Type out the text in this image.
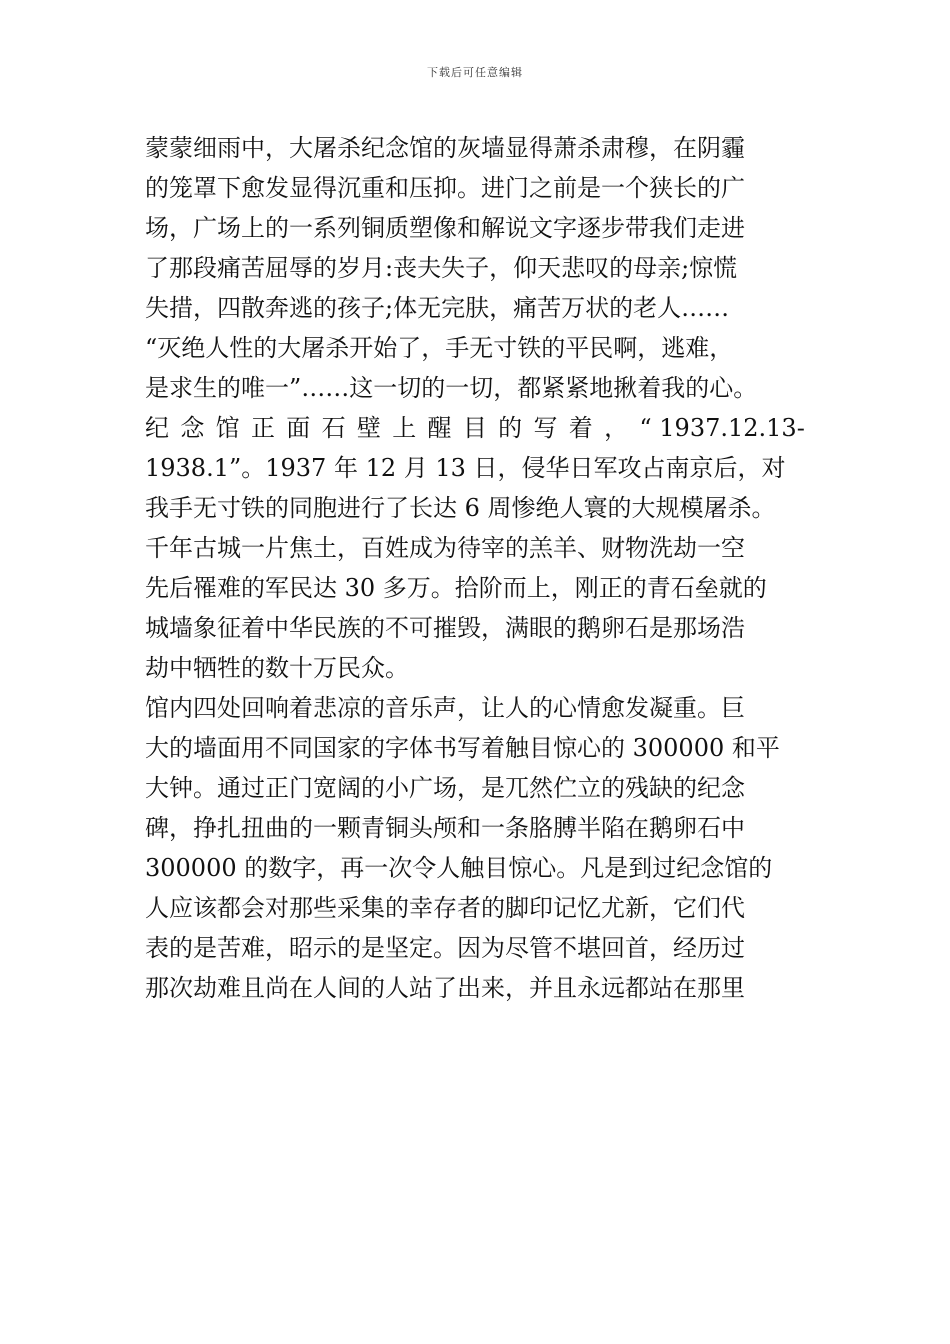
下载后可任意编辑
蒙蒙细雨中，大屠杀纪念馆的灰墙显得萧杀肃穆，在阴霾
的笼罩下愈发显得沉重和压抑。进门之前是一个狭长的广
场，广场上的一系列铜质塑像和解说文字逐步带我们走进
了那段痛苦屈辱的岁月:丧夫失子，仰天悲叹的母亲;惊慌
失措，四散奔逃的孩子;体无完肤，痛苦万状的老人……
“灭绝人性的大屠杀开始了，手无寸铁的平民啊，逃难，
是求生的唯一”……这一切的一切，都紧紧地揪着我的心。
纪 念 馆 正 面 石 壁 上 醒 目 的 写 着 ， “ 1937.12.13-
1938.1”。1937 年 12 月 13 日，侵华日军攻占南京后，对
我手无寸铁的同胞进行了长达 6 周惨绝人寰的大规模屠杀。
千年古城一片焦土，百姓成为待宰的羔羊、财物洗劫一空
先后罹难的军民达 30 多万。拾阶而上，刚正的青石垒就的
城墙象征着中华民族的不可摧毁，满眼的鹅卵石是那场浩
劫中牺牲的数十万民众。
馆内四处回响着悲凉的音乐声，让人的心情愈发凝重。巨
大的墙面用不同国家的字体书写着触目惊心的 300000 和平
大钟。通过正门宽阔的小广场，是兀然伫立的残缺的纪念
碑，挣扎扭曲的一颗青铜头颅和一条胳膊半陷在鹅卵石中
300000 的数字，再一次令人触目惊心。凡是到过纪念馆的
人应该都会对那些采集的幸存者的脚印记忆尤新，它们代
表的是苦难，昭示的是坚定。因为尽管不堪回首，经历过
那次劫难且尚在人间的人站了出来，并且永远都站在那里
